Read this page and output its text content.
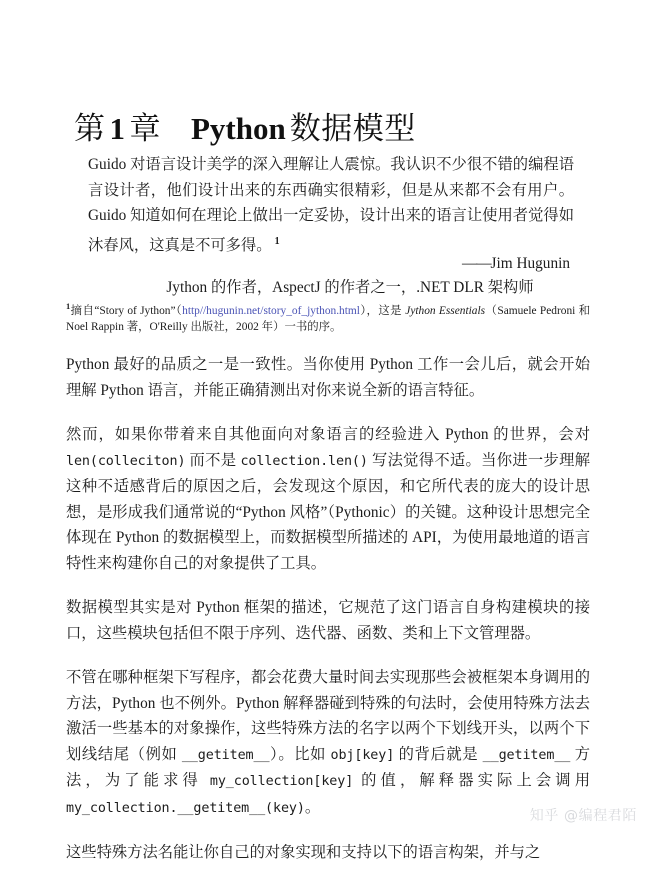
第 1 章 Python 数据模型
Guido 对语言设计美学的深入理解让人震惊。我认识不少很不错的编程语言设计者，他们设计出来的东西确实很精彩，但是从来都不会有用户。Guido 知道如何在理论上做出一定妥协，设计出来的语言让使用者觉得如沐春风，这真是不可多得。 $^1$
——Jim Hugunin
Jython 的作者，AspectJ 的作者之一，.NET DLR 架构师
$^1$摘自“Story of Jython”（http//hugunin.net/story_of_jython.html），这是 Jython Essentials（Samuele Pedroni 和 Noel Rappin 著，O'Reilly 出版社，2002 年）一书的序。

Python 最好的品质之一是一致性。当你使用 Python 工作一会儿后，就会开始理解 Python 语言，并能正确猜测出对你来说全新的语言特征。

然而，如果你带着来自其他面向对象语言的经验进入 Python 的世界，会对 len(colleciton) 而不是 collection.len() 写法觉得不适。当你进一步理解这种不适感背后的原因之后，会发现这个原因，和它所代表的庞大的设计思想，是形成我们通常说的“Python 风格”（Pythonic）的关键。这种设计思想完全体现在 Python 的数据模型上，而数据模型所描述的 API，为使用最地道的语言特性来构建你自己的对象提供了工具。

数据模型其实是对 Python 框架的描述，它规范了这门语言自身构建模块的接口，这些模块包括但不限于序列、迭代器、函数、类和上下文管理器。

不管在哪种框架下写程序，都会花费大量时间去实现那些会被框架本身调用的方法，Python 也不例外。Python 解释器碰到特殊的句法时，会使用特殊方法去激活一些基本的对象操作，这些特殊方法的名字以两个下划线开头，以两个下划线结尾（例如 __getitem__）。比如 obj[key] 的背后就是 __getitem__ 方法，为了能求得 my_collection[key] 的值，解释器实际上会调用 my_collection.__getitem__(key)。

这些特殊方法名能让你自己的对象实现和支持以下的语言构架，并与之

知乎 @编程君陌
